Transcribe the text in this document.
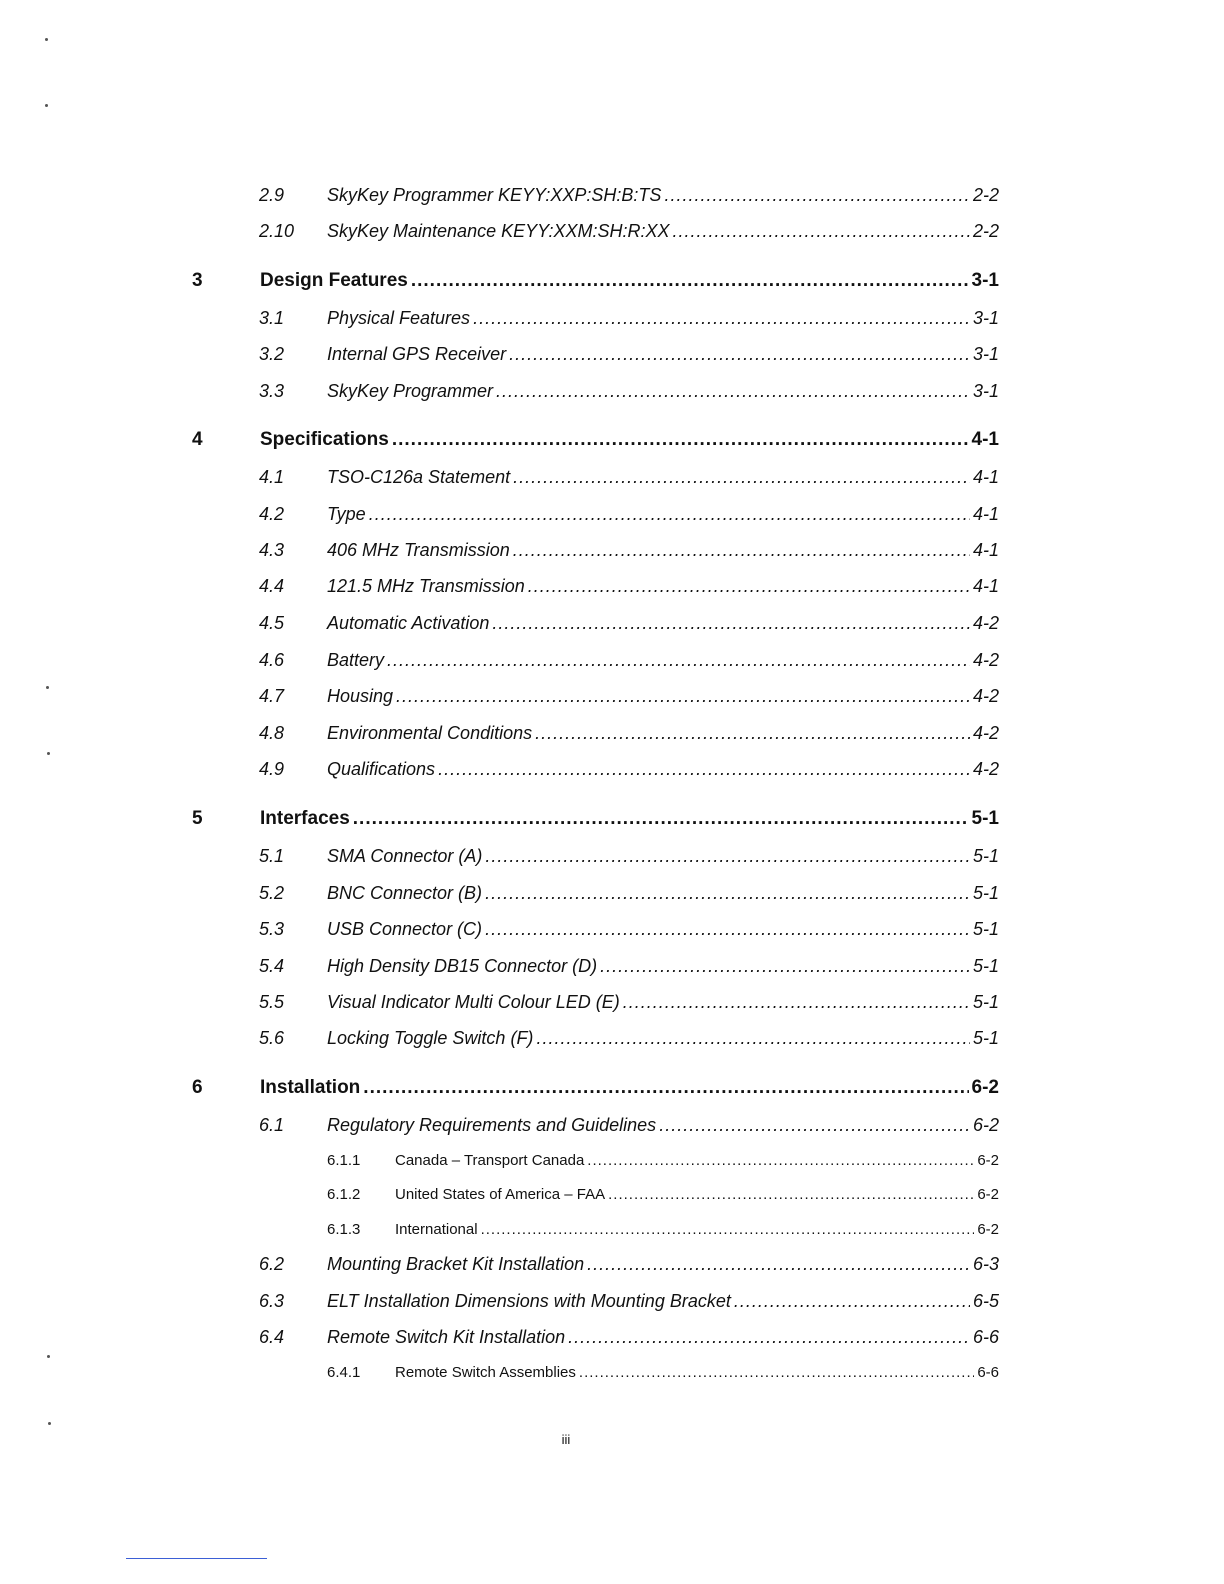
2.9 SkyKey Programmer KEYY:XXP:SH:B:TS .....	2-2
2.10 SkyKey Maintenance KEYY:XXM:SH:R:XX .....	2-2
3	Design Features .....	3-1
3.1 Physical Features .....	3-1
3.2 Internal GPS Receiver .....	3-1
3.3 SkyKey Programmer .....	3-1
4	Specifications .....	4-1
4.1 TSO-C126a Statement .....	4-1
4.2 Type .....	4-1
4.3 406 MHz Transmission .....	4-1
4.4 121.5 MHz Transmission .....	4-1
4.5 Automatic Activation .....	4-2
4.6 Battery .....	4-2
4.7 Housing .....	4-2
4.8 Environmental Conditions .....	4-2
4.9 Qualifications .....	4-2
5	Interfaces .....	5-1
5.1 SMA Connector (A) .....	5-1
5.2 BNC Connector (B) .....	5-1
5.3 USB Connector (C) .....	5-1
5.4 High Density DB15 Connector (D) .....	5-1
5.5 Visual Indicator Multi Colour LED (E) .....	5-1
5.6 Locking Toggle Switch (F) .....	5-1
6	Installation .....	6-2
6.1 Regulatory Requirements and Guidelines .....	6-2
6.1.1 Canada – Transport Canada .....	6-2
6.1.2 United States of America – FAA .....	6-2
6.1.3 International .....	6-2
6.2 Mounting Bracket Kit Installation .....	6-3
6.3 ELT Installation Dimensions with Mounting Bracket .....	6-5
6.4 Remote Switch Kit Installation .....	6-6
6.4.1 Remote Switch Assemblies .....	6-6
iii
